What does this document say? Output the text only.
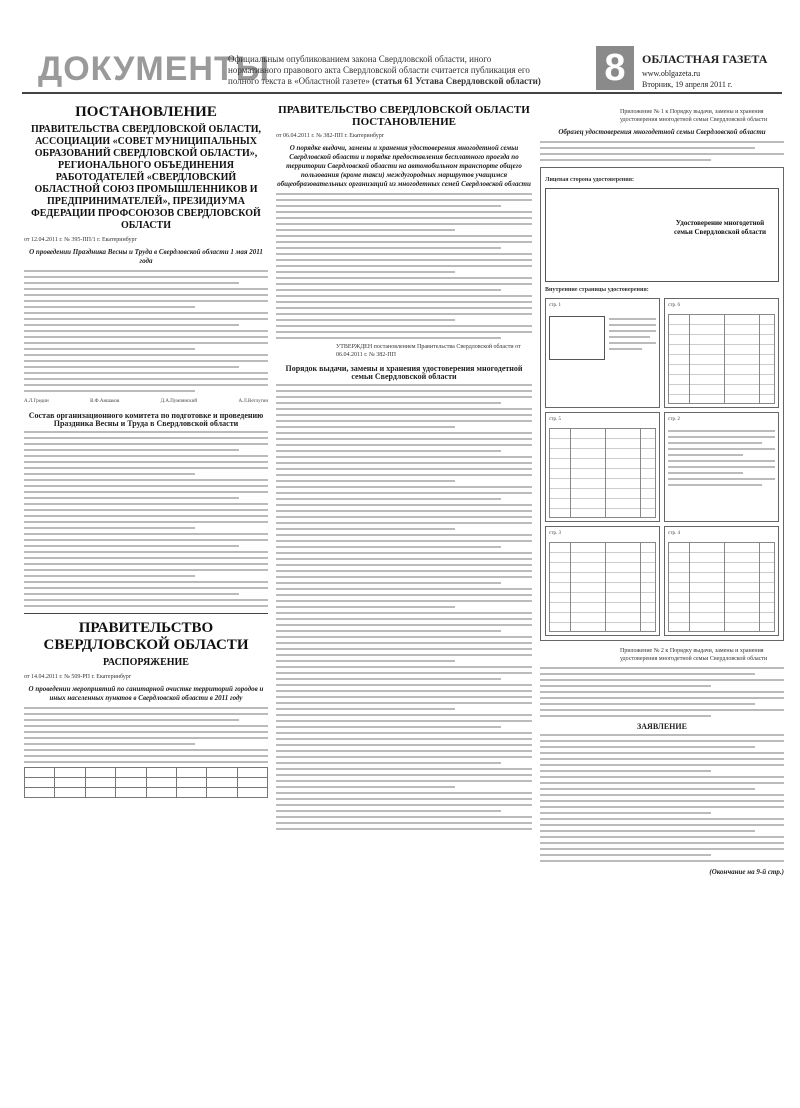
ДОКУМЕНТЫ
Официальным опубликованием закона Свердловской области, иного нормативного правового акта Свердловской области считается публикация его полного текста в «Областной газете» (статья 61 Устава Свердловской области) 8	ОБЛАСТНАЯ ГАЗЕТА
www.oblgazeta.ru
Вторник, 19 апреля 2011 г.
ПОСТАНОВЛЕНИЕ
ПРАВИТЕЛЬСТВА СВЕРДЛОВСКОЙ ОБЛАСТИ, АССОЦИАЦИИ «СОВЕТ МУНИЦИПАЛЬНЫХ ОБРАЗОВАНИЙ СВЕРДЛОВСКОЙ ОБЛАСТИ», РЕГИОНАЛЬНОГО ОБЪЕДИНЕНИЯ РАБОТОДАТЕЛЕЙ «СВЕРДЛОВСКИЙ ОБЛАСТНОЙ СОЮЗ ПРОМЫШЛЕННИКОВ И ПРЕДПРИНИМАТЕЛЕЙ», ПРЕЗИДИУМА ФЕДЕРАЦИИ ПРОФСОЮЗОВ СВЕРДЛОВСКОЙ ОБЛАСТИ
от 12.04.2011 г. № 395-ПП/1 г. Екатеринбург
О проведении Праздника Весны и Труда в Свердловской области 1 мая 2011 года
А.Л.Гредин	В.Ф.Аншаков	Д.А.Пумпянский	А.Л.Ветлугин
Состав организационного комитета по подготовке и проведению Праздника Весны и Труда в Свердловской области
ПРАВИТЕЛЬСТВО СВЕРДЛОВСКОЙ ОБЛАСТИ
РАСПОРЯЖЕНИЕ
от 14.04.2011 г. № 509-РП г. Екатеринбург
О проведении мероприятий по санитарной очистке территорий городов и иных населенных пунктов в Свердловской области в 2011 году

ПРАВИТЕЛЬСТВО СВЕРДЛОВСКОЙ ОБЛАСТИ
ПОСТАНОВЛЕНИЕ
от 06.04.2011 г. № 382-ПП г. Екатеринбург
О порядке выдачи, замены и хранения удостоверения многодетной семьи Свердловской области и порядке предоставления бесплатного проезда по территории Свердловской области на автомобильном транспорте общего пользования (кроме такси) междугородных маршрутов учащимся общеобразовательных организаций из многодетных семей Свердловской области
УТВЕРЖДЕН постановлением Правительства Свердловской области от 06.04.2011 г. № 382-ПП
Порядок выдачи, замены и хранения удостоверения многодетной семьи Свердловской области
Приложение № 1 к Порядку выдачи, замены и хранения удостоверения многодетной семьи Свердловской области
Образец удостоверения многодетной семьи Свердловской области
Лицевая сторона удостоверения:
Удостоверение многодетной семьи Свердловской области
Внутренние страницы удостоверения:
стр. 1	стр. 6
стр. 5	стр. 2
стр. 3	стр. 4
Приложение № 2 к Порядку выдачи, замены и хранения удостоверения многодетной семьи Свердловской области
ЗАЯВЛЕНИЕ
(Окончание на 9-й стр.)
